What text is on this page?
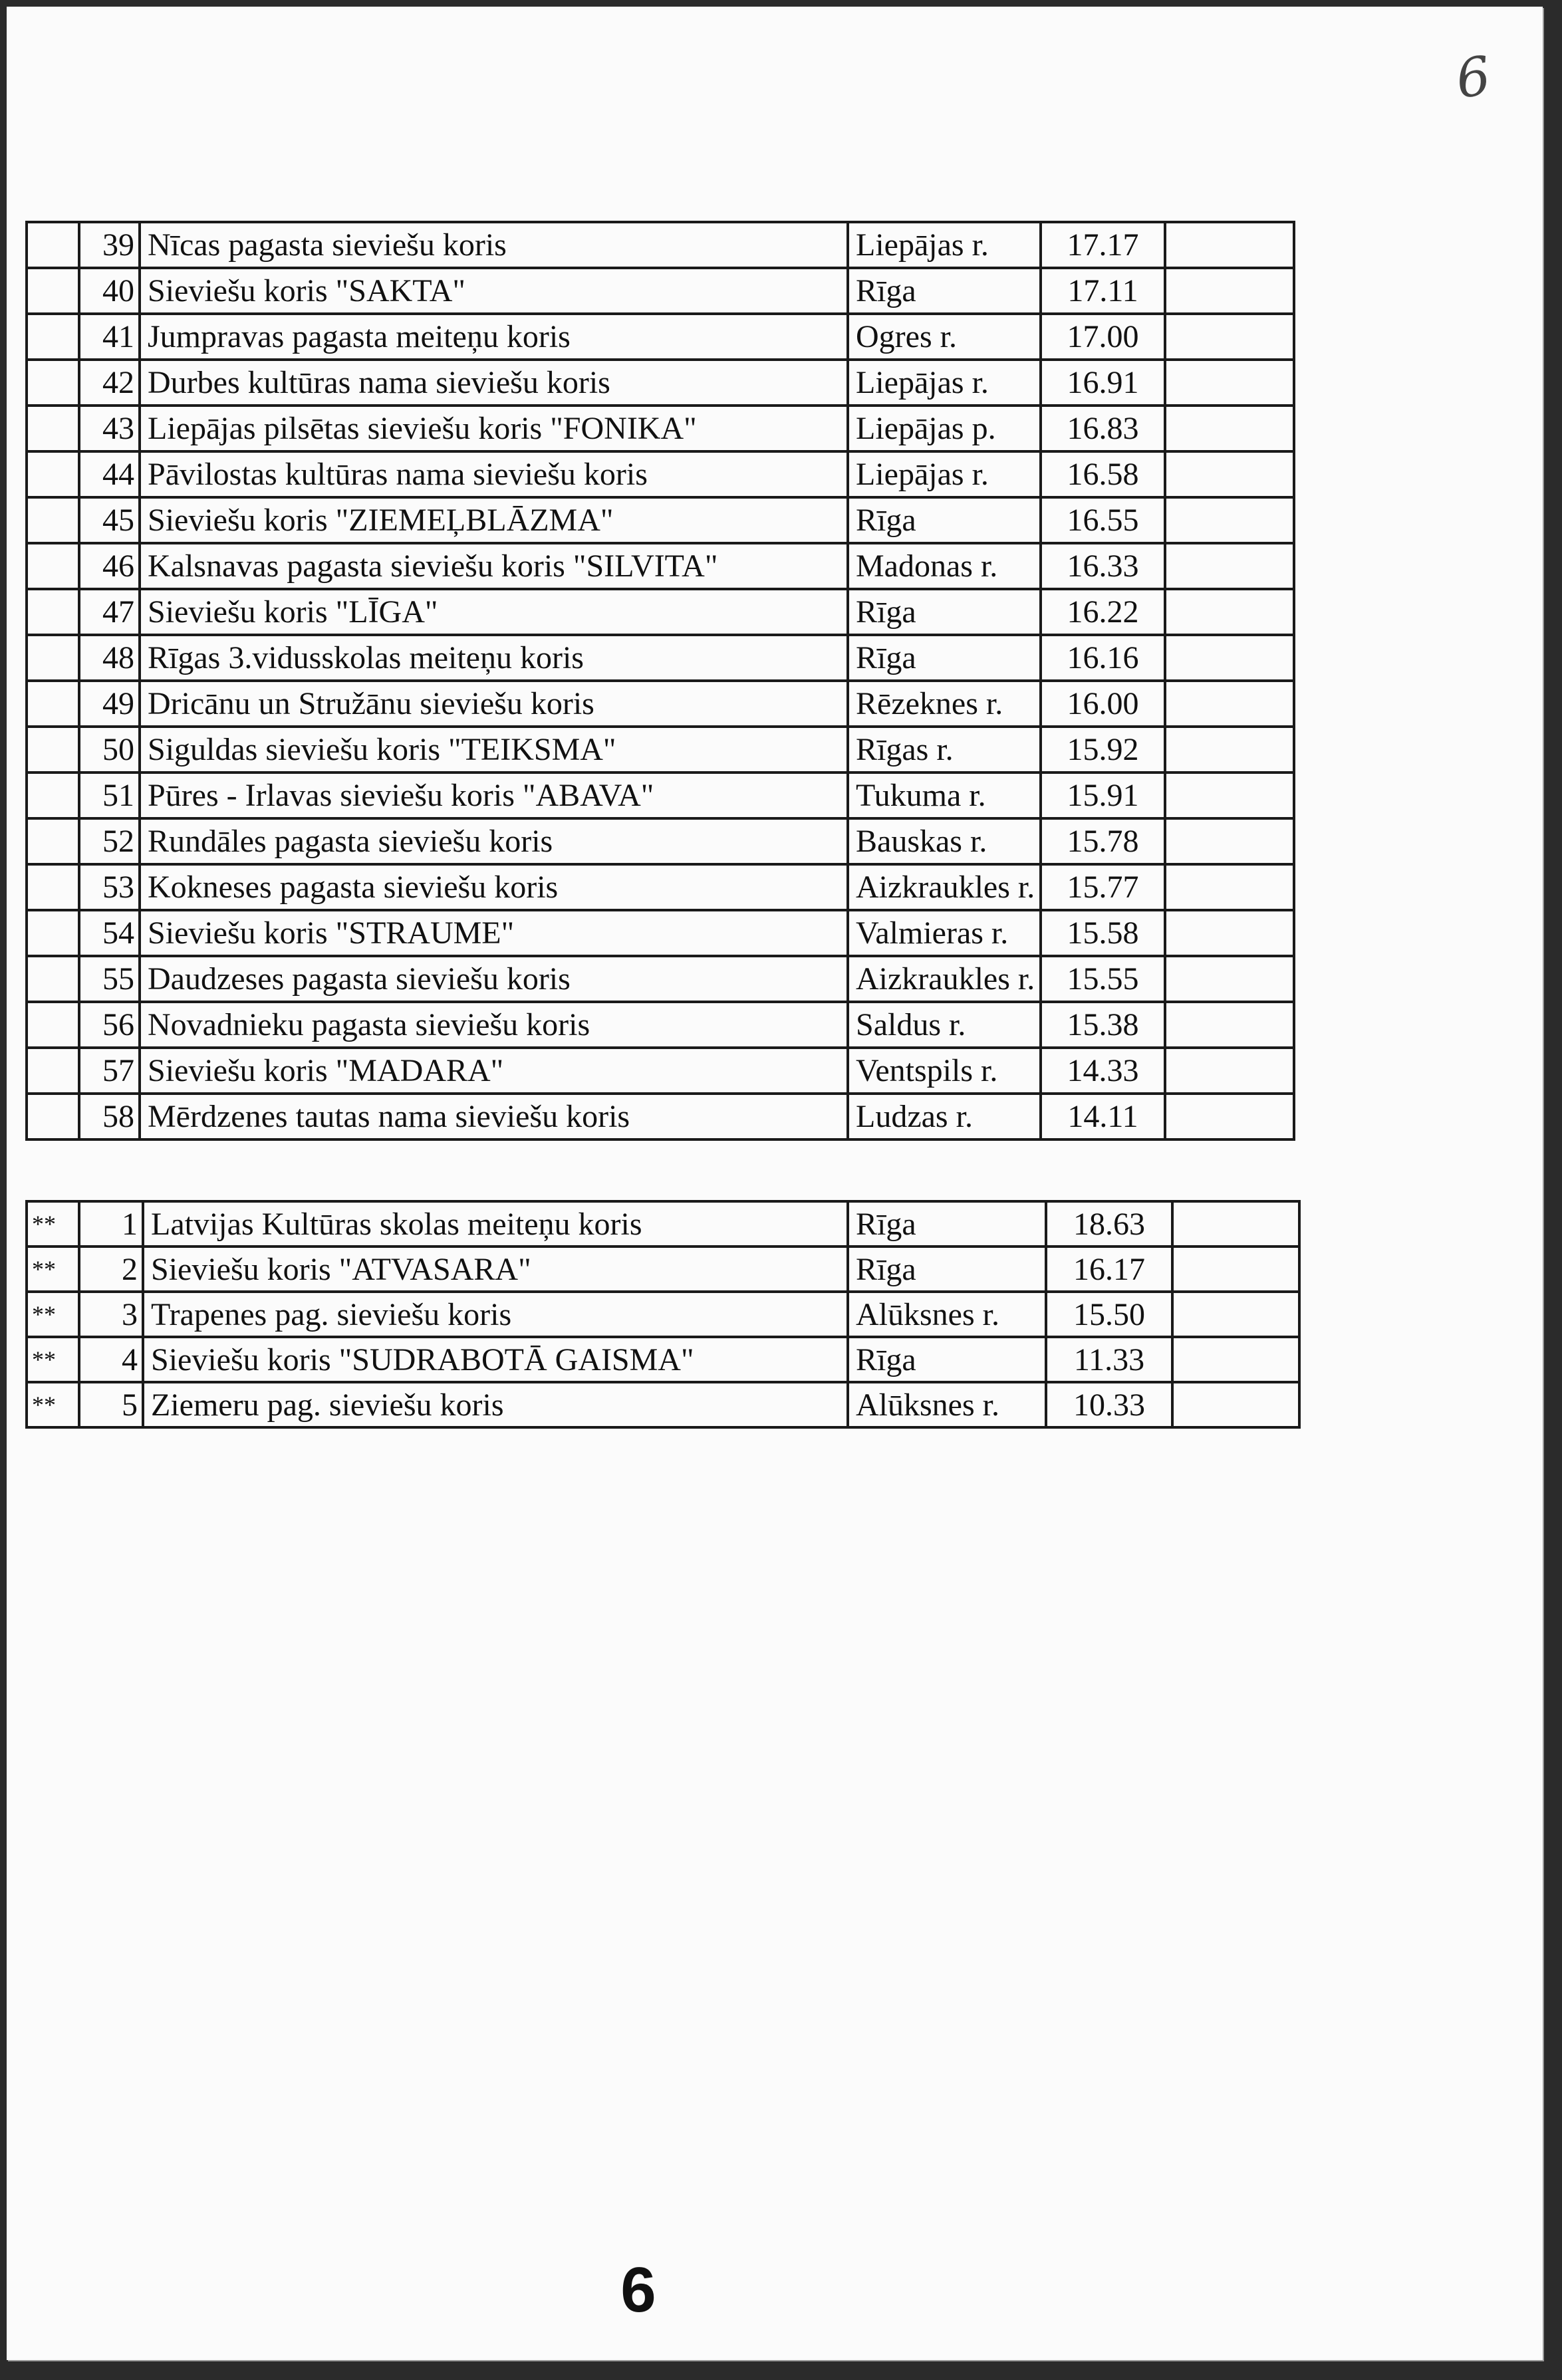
6
	39	Nīcas pagasta sieviešu koris	Liepājas r.	17.17	
	40	Sieviešu koris "SAKTA"	Rīga	17.11	
	41	Jumpravas pagasta meiteņu koris	Ogres r.	17.00	
	42	Durbes kultūras nama sieviešu koris	Liepājas r.	16.91	
	43	Liepājas pilsētas sieviešu koris "FONIKA"	Liepājas p.	16.83	
	44	Pāvilostas kultūras nama sieviešu koris	Liepājas r.	16.58	
	45	Sieviešu koris "ZIEMEĻBLĀZMA"	Rīga	16.55	
	46	Kalsnavas pagasta sieviešu koris "SILVITA"	Madonas r.	16.33	
	47	Sieviešu koris "LĪGA"	Rīga	16.22	
	48	Rīgas 3.vidusskolas meiteņu koris	Rīga	16.16	
	49	Dricānu un Stružānu sieviešu koris	Rēzeknes r.	16.00	
	50	Siguldas sieviešu koris "TEIKSMA"	Rīgas r.	15.92	
	51	Pūres - Irlavas sieviešu koris "ABAVA"	Tukuma r.	15.91	
	52	Rundāles pagasta sieviešu koris	Bauskas r.	15.78	
	53	Kokneses pagasta sieviešu koris	Aizkraukles r.	15.77	
	54	Sieviešu koris "STRAUME"	Valmieras r.	15.58	
	55	Daudzeses pagasta sieviešu koris	Aizkraukles r.	15.55	
	56	Novadnieku pagasta sieviešu koris	Saldus r.	15.38	
	57	Sieviešu koris "MADARA"	Ventspils r.	14.33	
	58	Mērdzenes tautas nama sieviešu koris	Ludzas r.	14.11	
**	1	Latvijas Kultūras skolas meiteņu koris	Rīga	18.63	
**	2	Sieviešu koris "ATVASARA"	Rīga	16.17	
**	3	Trapenes pag. sieviešu koris	Alūksnes r.	15.50	
**	4	Sieviešu koris "SUDRABOTĀ GAISMA"	Rīga	11.33	
**	5	Ziemeru pag. sieviešu koris	Alūksnes r.	10.33	
6
